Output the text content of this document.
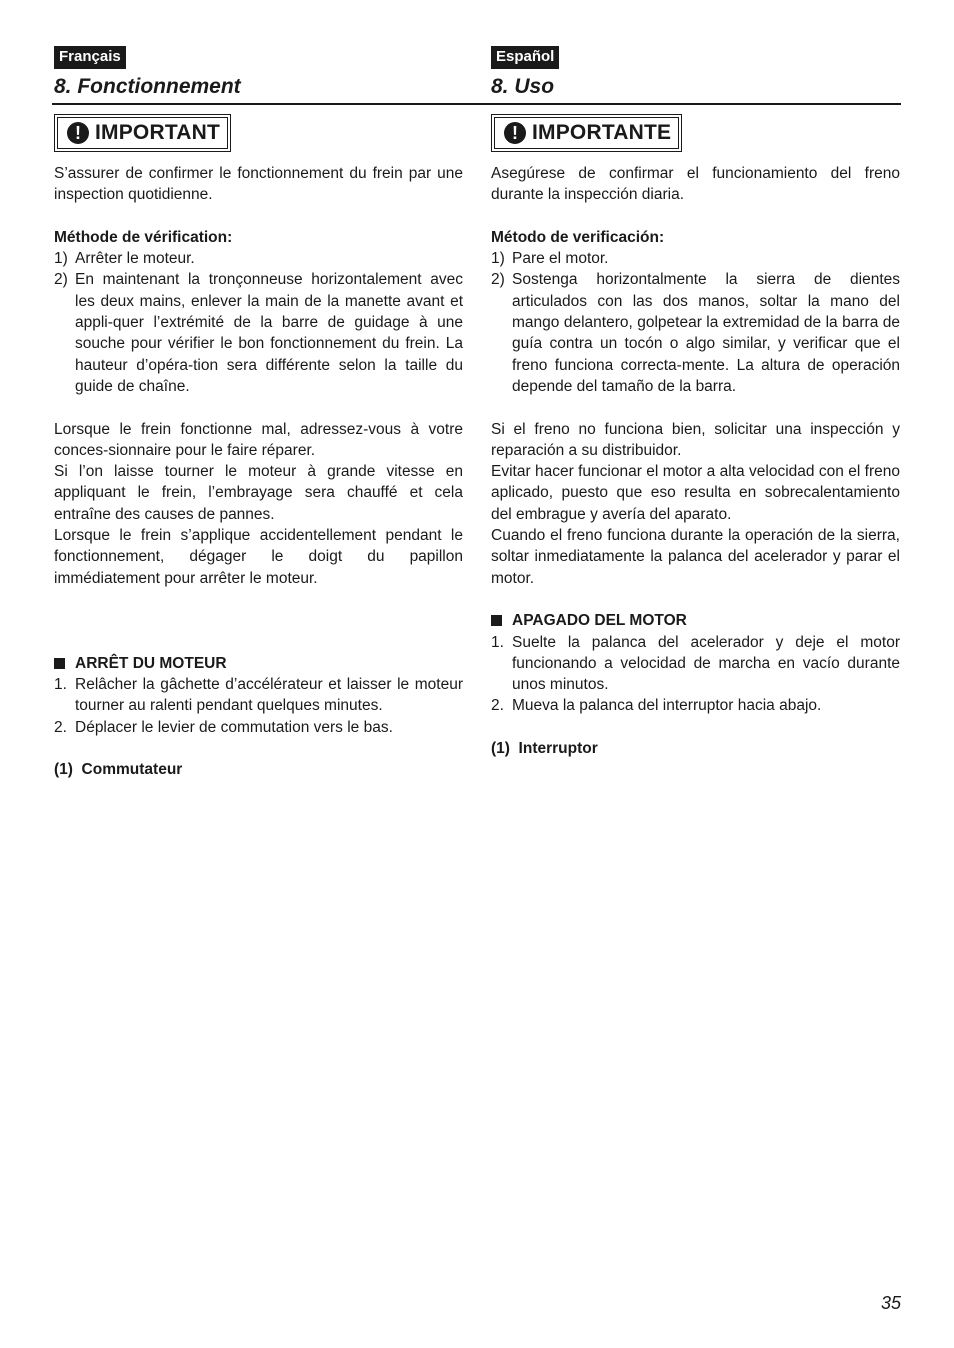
Français
8. Fonctionnement
! IMPORTANT

S’assurer de confirmer le fonctionnement du frein par une inspection quotidienne.

Méthode de vérification:

1) Arrêter le moteur.
2) En maintenant la tronçonneuse horizontalement avec les deux mains, enlever la main de la manette avant et appli-quer l’extrémité de la barre de guidage à une souche pour vérifier le bon fonctionnement du frein. La hauteur d’opéra-tion sera différente selon la taille du guide de chaîne.

Lorsque le frein fonctionne mal, adressez-vous à votre conces-sionnaire pour le faire réparer.

Si l’on laisse tourner le moteur à grande vitesse en appliquant le frein, l’embrayage sera chauffé et cela entraîne des causes de pannes.

Lorsque le frein s’applique accidentellement pendant le fonctionnement, dégager le doigt du papillon immédiatement pour arrêter le moteur.

ARRÊT DU MOTEUR
1. Relâcher la gâchette d’accélérateur et laisser le moteur tourner au ralenti pendant quelques minutes.
2. Déplacer le levier de commutation vers le bas.

(1)  Commutateur

Español
8. Uso
! IMPORTANTE

Asegúrese de confirmar el funcionamiento del freno durante la inspección diaria.

Método de verificación:

1) Pare el motor.
2) Sostenga horizontalmente la sierra de dientes articulados con las dos manos, soltar la mano del mango delantero, golpetear la extremidad de la barra de guía contra un tocón o algo similar, y verificar que el freno funciona correcta-mente. La altura de operación depende del tamaño de la barra.

Si el freno no funciona bien, solicitar una inspección y reparación a su distribuidor.

Evitar hacer funcionar el motor a alta velocidad con el freno aplicado, puesto que eso resulta en sobrecalentamiento del embrague y avería del aparato.

Cuando el freno funciona durante la operación de la sierra, soltar inmediatamente la palanca del acelerador y parar el motor.

APAGADO DEL MOTOR
1. Suelte la palanca del acelerador y deje el motor funcionando a velocidad de marcha en vacío durante unos minutos.
2. Mueva la palanca del interruptor hacia abajo.

(1)  Interruptor

35
